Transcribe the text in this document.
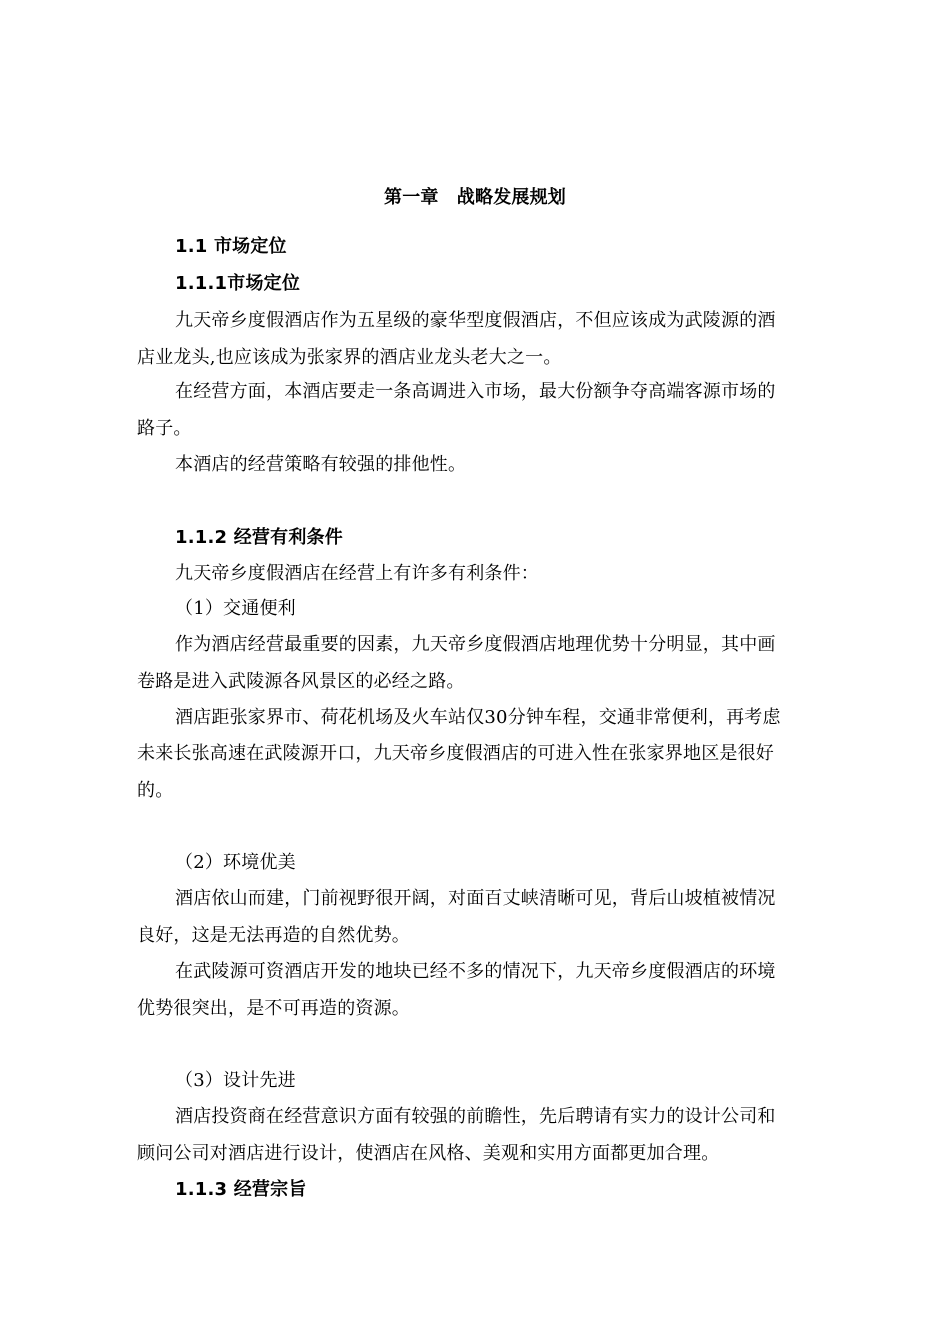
第一章　战略发展规划
1.1 市场定位
1.1.1市场定位
九天帝乡度假酒店作为五星级的豪华型度假酒店，不但应该成为武陵源的酒
店业龙头,也应该成为张家界的酒店业龙头老大之一。
在经营方面，本酒店要走一条高调进入市场，最大份额争夺高端客源市场的
路子。
本酒店的经营策略有较强的排他性。
1.1.2 经营有利条件
九天帝乡度假酒店在经营上有许多有利条件：
（1）交通便利
作为酒店经营最重要的因素，九天帝乡度假酒店地理优势十分明显，其中画
卷路是进入武陵源各风景区的必经之路。
酒店距张家界市、荷花机场及火车站仅30分钟车程，交通非常便利，再考虑
未来长张高速在武陵源开口，九天帝乡度假酒店的可进入性在张家界地区是很好
的。
（2）环境优美
酒店依山而建，门前视野很开阔，对面百丈峡清晰可见，背后山坡植被情况
良好，这是无法再造的自然优势。
在武陵源可资酒店开发的地块已经不多的情况下，九天帝乡度假酒店的环境
优势很突出，是不可再造的资源。
（3）设计先进
酒店投资商在经营意识方面有较强的前瞻性，先后聘请有实力的设计公司和
顾问公司对酒店进行设计，使酒店在风格、美观和实用方面都更加合理。
1.1.3 经营宗旨
